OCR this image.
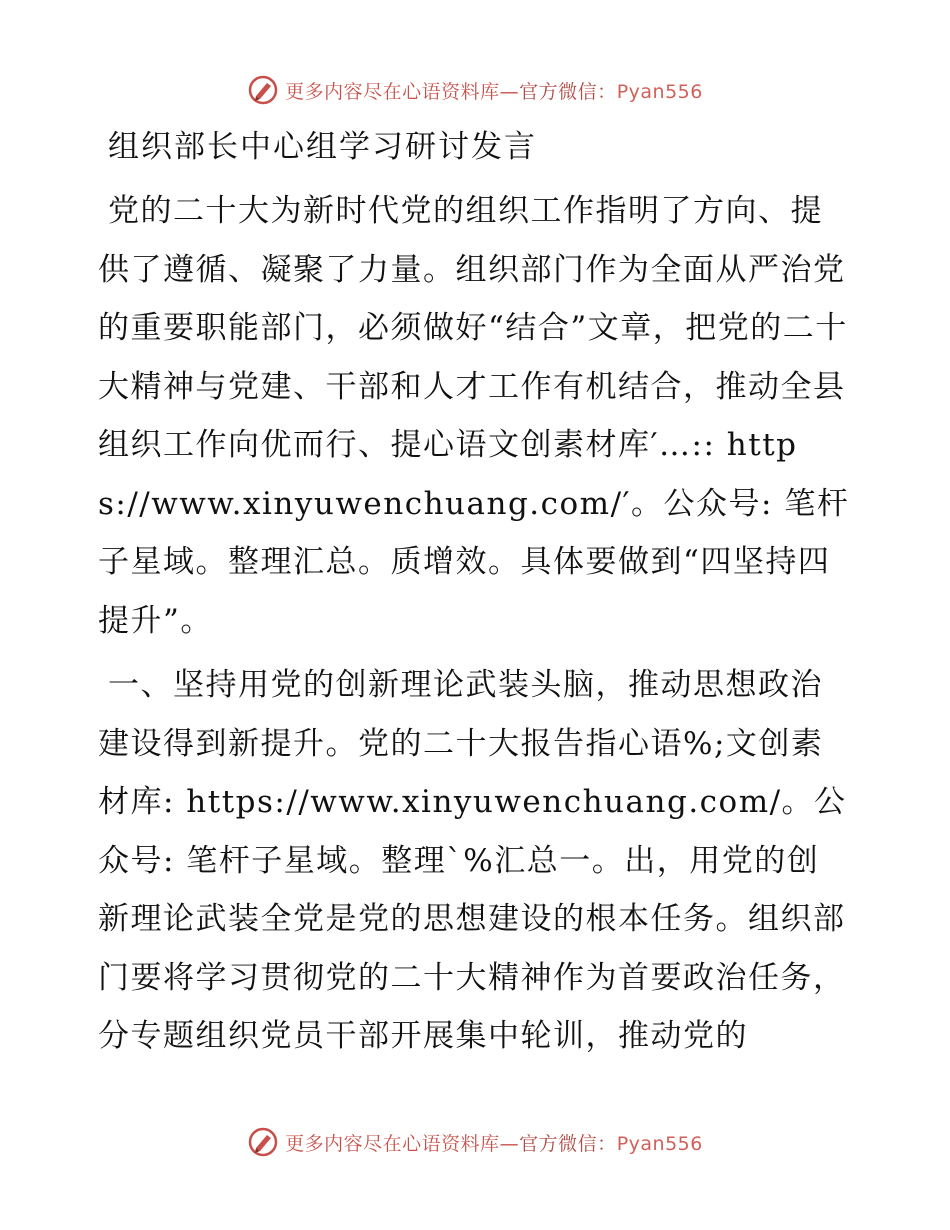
更多内容尽在心语资料库—官方微信：Pyan556
组织部长中心组学习研讨发言

党的二十大为新时代党的组织工作指明了方向、提供了遵循、凝聚了力量。组织部门作为全面从严治党的重要职能部门，必须做好“结合”文章，把党的二十大精神与党建、干部和人才工作有机结合，推动全县组织工作向优而行、提心语文创素材库′…:: https://www.xinyuwenchuang.com/′。公众号: 笔杆子星域。整理汇总。质增效。具体要做到“四坚持四提升”。

一、坚持用党的创新理论武装头脑，推动思想政治建设得到新提升。党的二十大报告指心语%;文创素材库: https://www.xinyuwenchuang.com/。公众号: 笔杆子星域。整理ˋ%汇总一。出，用党的创新理论武装全党是党的思想建设的根本任务。组织部门要将学习贯彻党的二十大精神作为首要政治任务，分专题组织党员干部开展集中轮训，推动党的

更多内容尽在心语资料库—官方微信：Pyan556
